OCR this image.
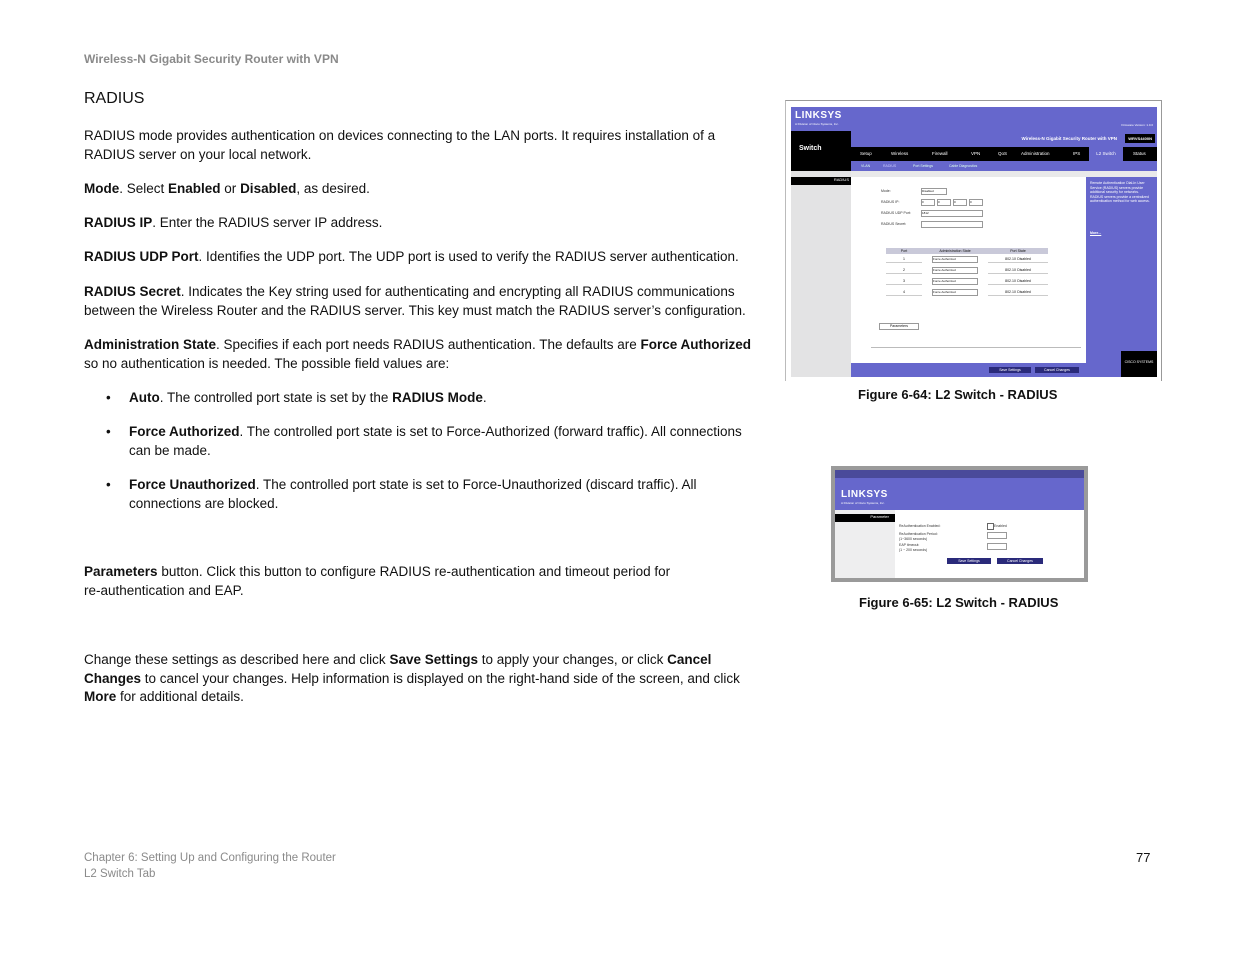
Wireless-N Gigabit Security Router with VPN
RADIUS
RADIUS mode provides authentication on devices connecting to the LAN ports. It requires installation of a RADIUS server on your local network.
Mode. Select Enabled or Disabled, as desired.
RADIUS IP. Enter the RADIUS server IP address.
RADIUS UDP Port. Identifies the UDP port. The UDP port is used to verify the RADIUS server authentication.
RADIUS Secret. Indicates the Key string used for authenticating and encrypting all RADIUS communications between the Wireless Router and the RADIUS server. This key must match the RADIUS server’s configuration.
Administration State. Specifies if each port needs RADIUS authentication. The defaults are Force Authorized so no authentication is needed. The possible field values are:
• Auto. The controlled port state is set by the RADIUS Mode.
• Force Authorized. The controlled port state is set to Force-Authorized (forward traffic). All connections can be made.
• Force Unauthorized. The controlled port state is set to Force-Unauthorized (discard traffic). All connections are blocked.
Parameters button. Click this button to configure RADIUS re-authentication and timeout period for re-authentication and EAP.
Change these settings as described here and click Save Settings to apply your changes, or click Cancel Changes to cancel your changes. Help information is displayed on the right-hand side of the screen, and click More for additional details.
LINKSYS
A Division of Cisco Systems, Inc.	Firmware Version: 1.0.0
Switch
Wireless-N Gigabit Security Router with VPN	WRVS4400N
Setup	Wireless	Firewall	VPN	QoS	Administration	IPS	L2 Switch	Status
VLAN	RADIUS	Port Settings	Cable Diagnostics
RADIUS
Mode:	Disabled
RADIUS IP:	0	0	0	0
RADIUS UDP Port:	1812
RADIUS Secret:
Port	Administration State	Port State
1	Force Authorized	802.1X Disabled
2	Force Authorized	802.1X Disabled
3	Force Authorized	802.1X Disabled
4	Force Authorized	802.1X Disabled
Parameters
Remote Authentication Dial-In User Service (RADIUS) servers provide additional security for networks. RADIUS servers provide a centralized authentication method for web access.
More...
Save Settings	Cancel Changes
CISCO SYSTEMS
Figure 6-64: L2 Switch - RADIUS
LINKSYS
A Division of Cisco Systems, Inc.
Parameter
ReAuthentication Enabled:	Enabled
ReAuthentication Period:
(1~3600 seconds)
EAP timeout:
(1 ~ 200 seconds)
Save Settings	Cancel Changes
Figure 6-65: L2 Switch - RADIUS
Chapter 6: Setting Up and Configuring the Router
L2 Switch Tab
77
